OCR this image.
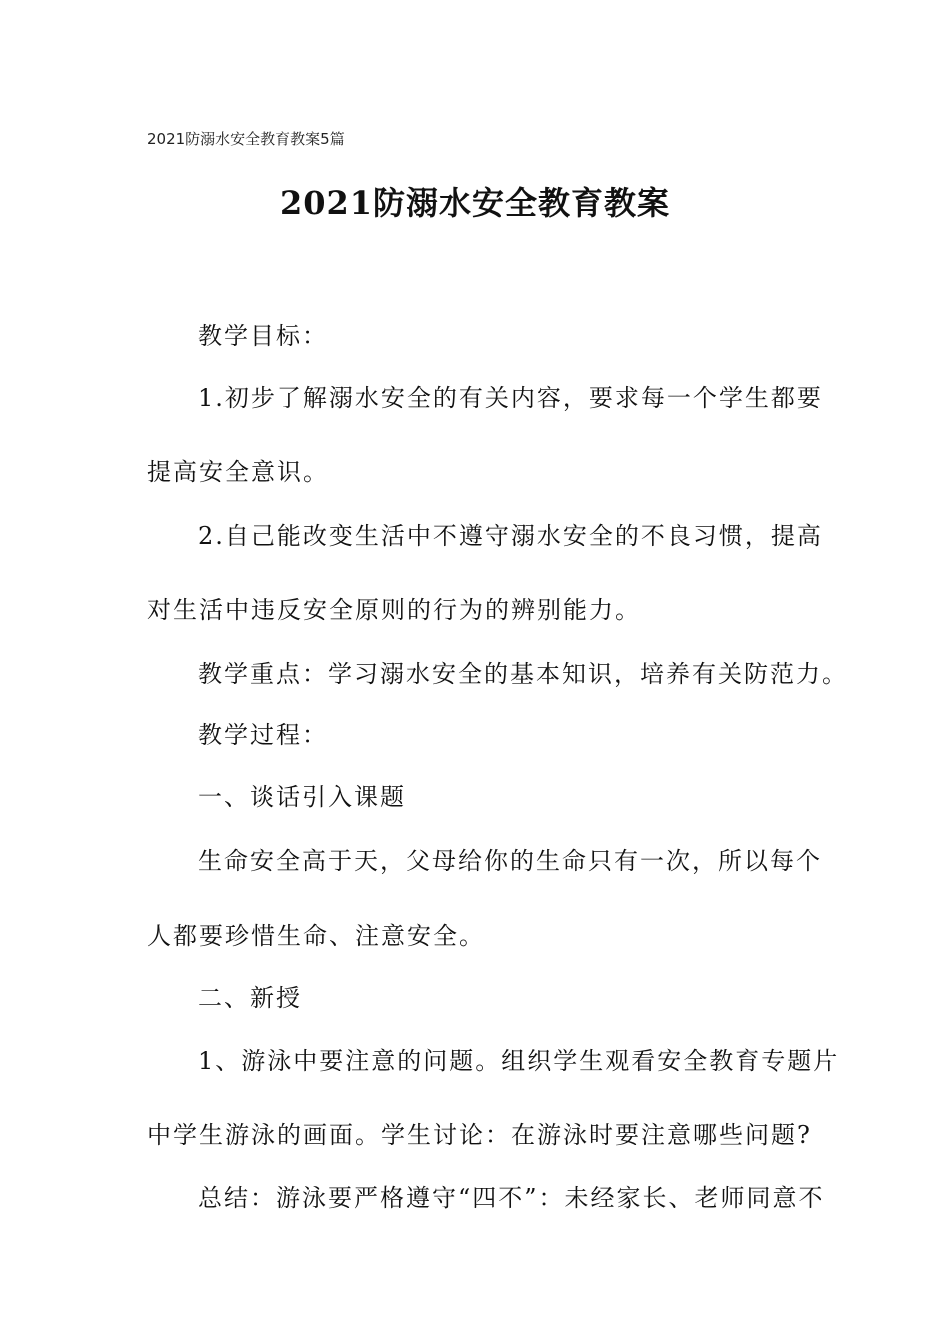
2021防溺水安全教育教案5篇
2021防溺水安全教育教案
教学目标：
1.初步了解溺水安全的有关内容，要求每一个学生都要
提高安全意识。
2.自己能改变生活中不遵守溺水安全的不良习惯，提高
对生活中违反安全原则的行为的辨别能力。
教学重点：学习溺水安全的基本知识，培养有关防范力。
教学过程：
一、谈话引入课题
生命安全高于天，父母给你的生命只有一次，所以每个
人都要珍惜生命、注意安全。
二、新授
1、游泳中要注意的问题。组织学生观看安全教育专题片
中学生游泳的画面。学生讨论：在游泳时要注意哪些问题?
总结：游泳要严格遵守“四不”：未经家长、老师同意不
